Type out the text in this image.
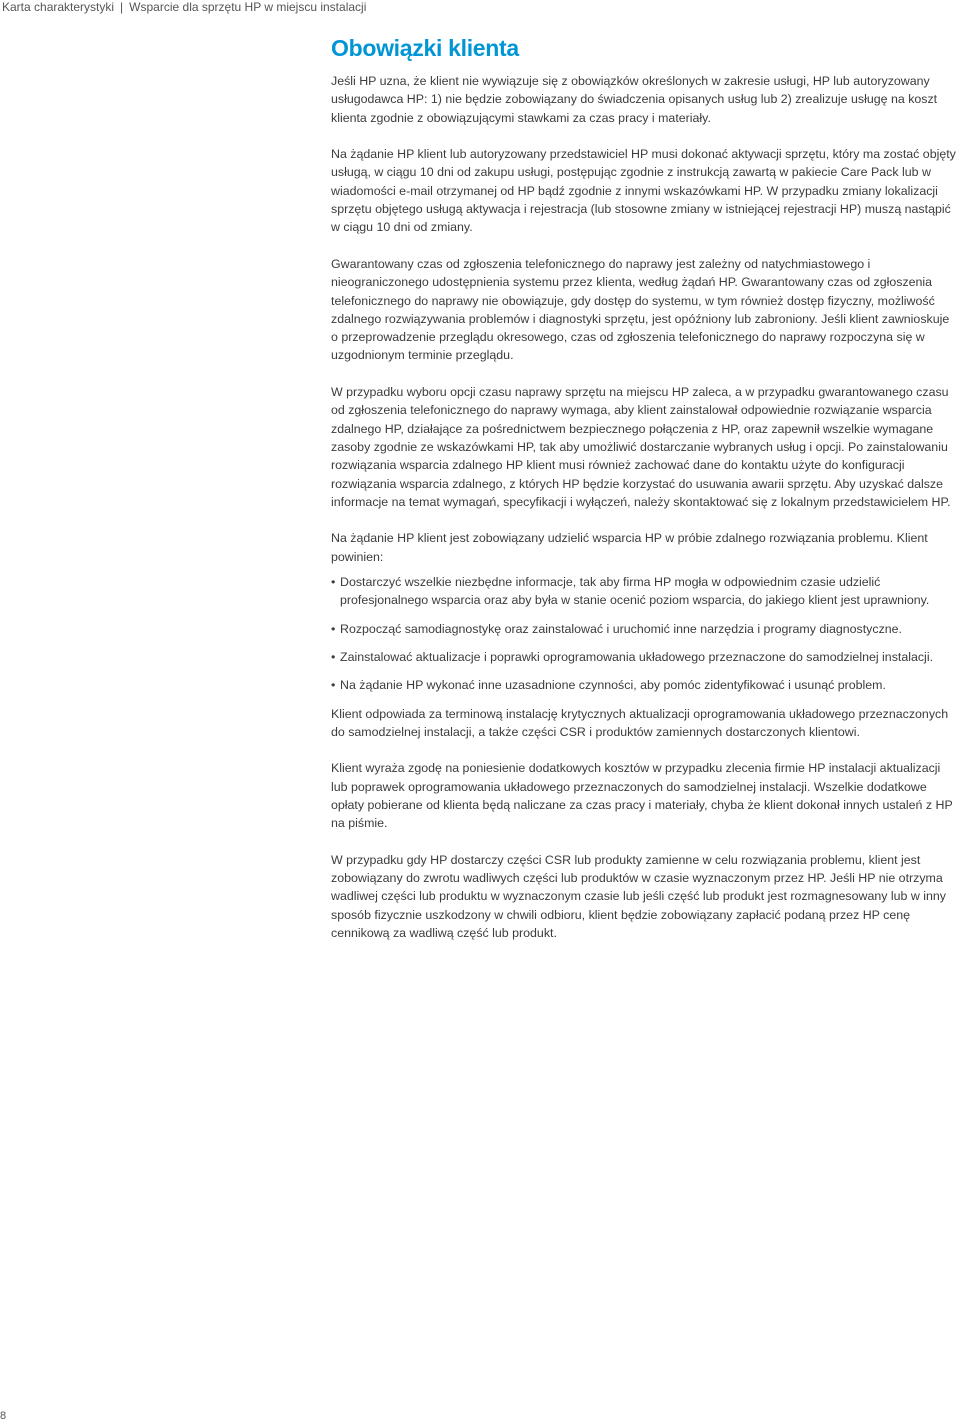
Karta charakterystyki | Wsparcie dla sprzętu HP w miejscu instalacji
Obowiązki klienta

Jeśli HP uzna, że klient nie wywiązuje się z obowiązków określonych w zakresie usługi, HP lub autoryzowany usługodawca HP: 1) nie będzie zobowiązany do świadczenia opisanych usług lub 2) zrealizuje usługę na koszt klienta zgodnie z obowiązującymi stawkami za czas pracy i materiały.

Na żądanie HP klient lub autoryzowany przedstawiciel HP musi dokonać aktywacji sprzętu, który ma zostać objęty usługą, w ciągu 10 dni od zakupu usługi, postępując zgodnie z instrukcją zawartą w pakiecie Care Pack lub w wiadomości e-mail otrzymanej od HP bądź zgodnie z innymi wskazówkami HP. W przypadku zmiany lokalizacji sprzętu objętego usługą aktywacja i rejestracja (lub stosowne zmiany w istniejącej rejestracji HP) muszą nastąpić w ciągu 10 dni od zmiany.

Gwarantowany czas od zgłoszenia telefonicznego do naprawy jest zależny od natychmiastowego i nieograniczonego udostępnienia systemu przez klienta, według żądań HP. Gwarantowany czas od zgłoszenia telefonicznego do naprawy nie obowiązuje, gdy dostęp do systemu, w tym również dostęp fizyczny, możliwość zdalnego rozwiązywania problemów i diagnostyki sprzętu, jest opóźniony lub zabroniony. Jeśli klient zawnioskuje o przeprowadzenie przeglądu okresowego, czas od zgłoszenia telefonicznego do naprawy rozpoczyna się w uzgodnionym terminie przeglądu.

W przypadku wyboru opcji czasu naprawy sprzętu na miejscu HP zaleca, a w przypadku gwarantowanego czasu od zgłoszenia telefonicznego do naprawy wymaga, aby klient zainstalował odpowiednie rozwiązanie wsparcia zdalnego HP, działające za pośrednictwem bezpiecznego połączenia z HP, oraz zapewnił wszelkie wymagane zasoby zgodnie ze wskazówkami HP, tak aby umożliwić dostarczanie wybranych usług i opcji. Po zainstalowaniu rozwiązania wsparcia zdalnego HP klient musi również zachować dane do kontaktu użyte do konfiguracji rozwiązania wsparcia zdalnego, z których HP będzie korzystać do usuwania awarii sprzętu. Aby uzyskać dalsze informacje na temat wymagań, specyfikacji i wyłączeń, należy skontaktować się z lokalnym przedstawicielem HP.

Na żądanie HP klient jest zobowiązany udzielić wsparcia HP w próbie zdalnego rozwiązania problemu. Klient powinien:

• Dostarczyć wszelkie niezbędne informacje, tak aby firma HP mogła w odpowiednim czasie udzielić profesjonalnego wsparcia oraz aby była w stanie ocenić poziom wsparcia, do jakiego klient jest uprawniony.
• Rozpocząć samodiagnostykę oraz zainstalować i uruchomić inne narzędzia i programy diagnostyczne.
• Zainstalować aktualizacje i poprawki oprogramowania układowego przeznaczone do samodzielnej instalacji.
• Na żądanie HP wykonać inne uzasadnione czynności, aby pomóc zidentyfikować i usunąć problem.

Klient odpowiada za terminową instalację krytycznych aktualizacji oprogramowania układowego przeznaczonych do samodzielnej instalacji, a także części CSR i produktów zamiennych dostarczonych klientowi.

Klient wyraża zgodę na poniesienie dodatkowych kosztów w przypadku zlecenia firmie HP instalacji aktualizacji lub poprawek oprogramowania układowego przeznaczonych do samodzielnej instalacji. Wszelkie dodatkowe opłaty pobierane od klienta będą naliczane za czas pracy i materiały, chyba że klient dokonał innych ustaleń z HP na piśmie.

W przypadku gdy HP dostarczy części CSR lub produkty zamienne w celu rozwiązania problemu, klient jest zobowiązany do zwrotu wadliwych części lub produktów w czasie wyznaczonym przez HP. Jeśli HP nie otrzyma wadliwej części lub produktu w wyznaczonym czasie lub jeśli część lub produkt jest rozmagnesowany lub w inny sposób fizycznie uszkodzony w chwili odbioru, klient będzie zobowiązany zapłacić podaną przez HP cenę cennikową za wadliwą część lub produkt.

8
